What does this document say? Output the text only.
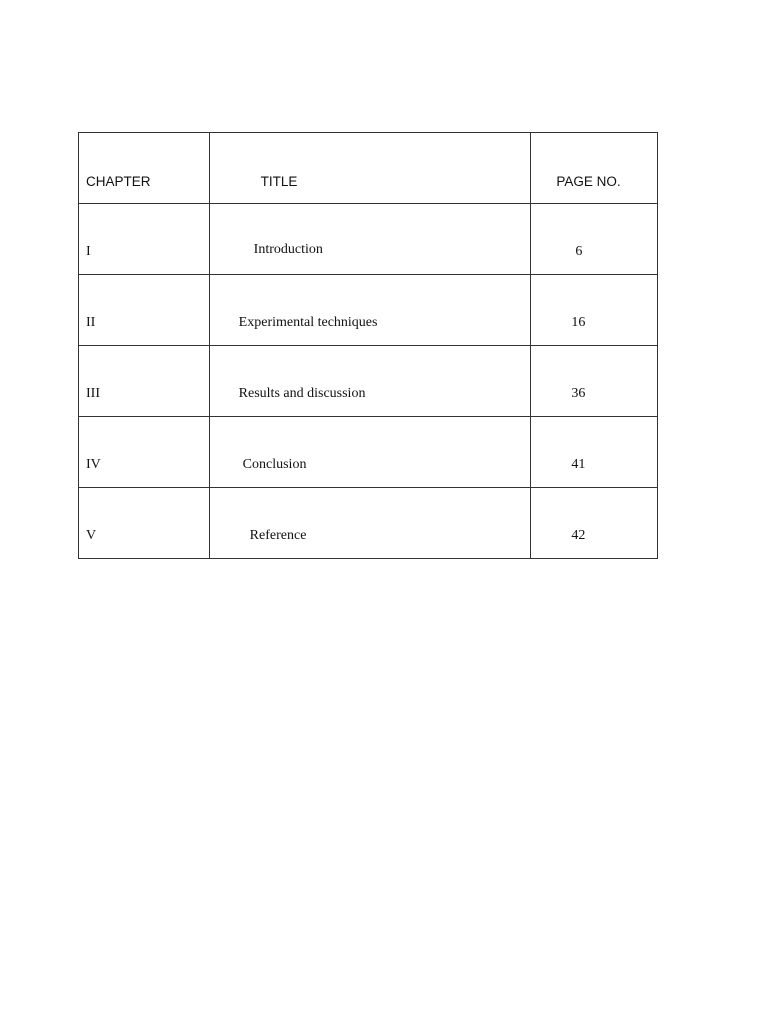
CHAPTER	TITLE	PAGE NO.

I	Introduction	6

II	Experimental techniques	16

III	Results and discussion	36

IV	Conclusion	41

V	Reference	42
